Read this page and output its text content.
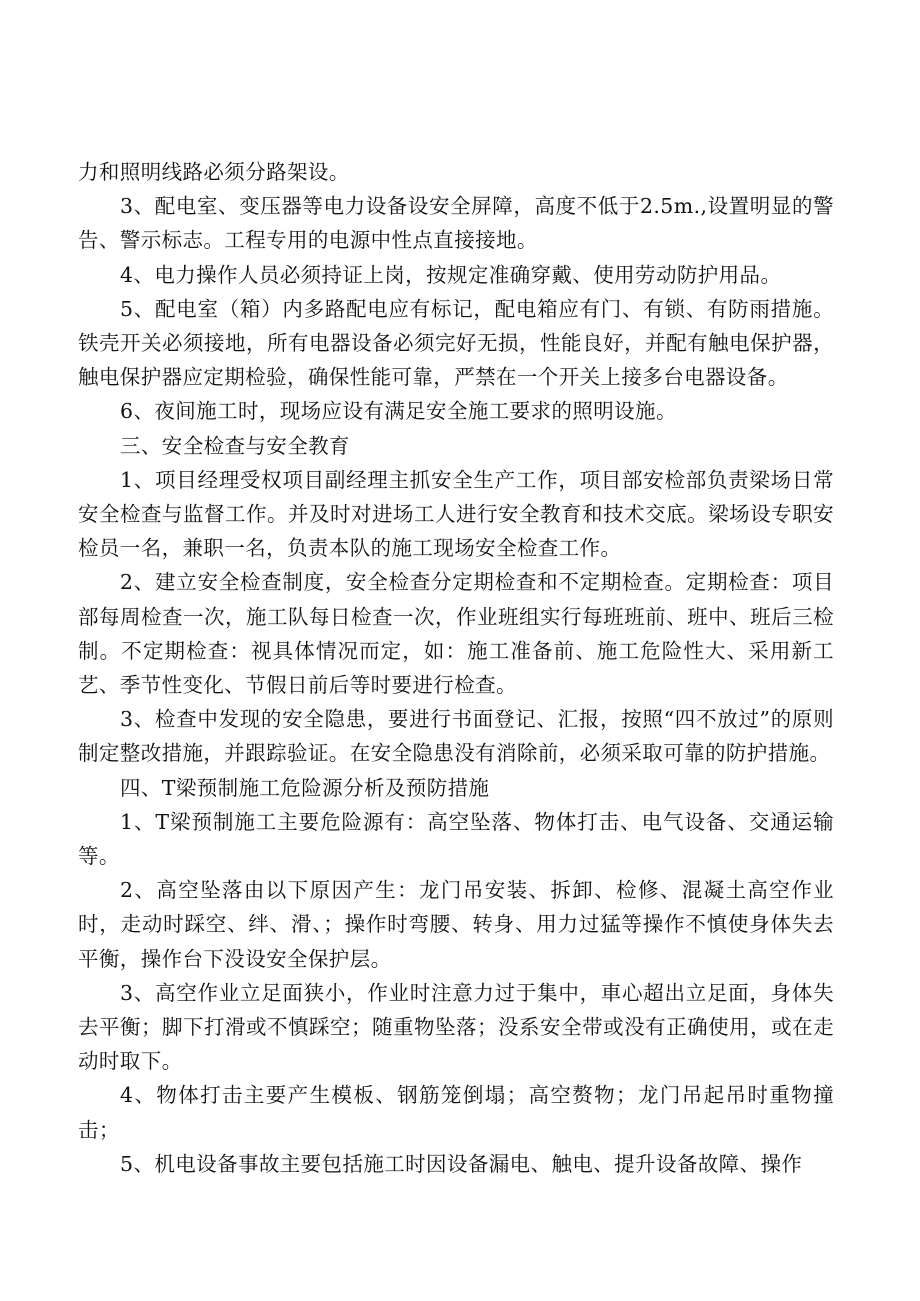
力和照明线路必须分路架设。

3、配电室、变压器等电力设备设安全屏障，高度不低于2.5m.,设置明显的警告、警示标志。工程专用的电源中性点直接接地。

4、电力操作人员必须持证上岗，按规定准确穿戴、使用劳动防护用品。

5、配电室（箱）内多路配电应有标记，配电箱应有门、有锁、有防雨措施。铁壳开关必须接地，所有电器设备必须完好无损，性能良好，并配有触电保护器，触电保护器应定期检验，确保性能可靠，严禁在一个开关上接多台电器设备。

6、夜间施工时，现场应设有满足安全施工要求的照明设施。

三、安全检查与安全教育

1、项目经理受权项目副经理主抓安全生产工作，项目部安检部负责梁场日常安全检查与监督工作。并及时对进场工人进行安全教育和技术交底。梁场设专职安检员一名，兼职一名，负责本队的施工现场安全检查工作。

2、建立安全检查制度，安全检查分定期检查和不定期检查。定期检查：项目部每周检查一次，施工队每日检查一次，作业班组实行每班班前、班中、班后三检制。不定期检查：视具体情况而定，如：施工准备前、施工危险性大、采用新工艺、季节性变化、节假日前后等时要进行检查。

3、检查中发现的安全隐患，要进行书面登记、汇报，按照“四不放过”的原则制定整改措施，并跟踪验证。在安全隐患没有消除前，必须采取可靠的防护措施。

四、T梁预制施工危险源分析及预防措施

1、T梁预制施工主要危险源有：高空坠落、物体打击、电气设备、交通运输等。

2、高空坠落由以下原因产生：龙门吊安装、拆卸、检修、混凝土高空作业时，走动时踩空、绊、滑、；操作时弯腰、转身、用力过猛等操作不慎使身体失去平衡，操作台下没设安全保护层。

3、高空作业立足面狭小，作业时注意力过于集中，車心超出立足面，身体失去平衡；脚下打滑或不慎踩空；随重物坠落；没系安全带或没有正确使用，或在走动时取下。

4、物体打击主要产生模板、钢筋笼倒塌；高空赘物；龙门吊起吊时重物撞击；

5、机电设备事故主要包括施工时因设备漏电、触电、提升设备故障、操作
